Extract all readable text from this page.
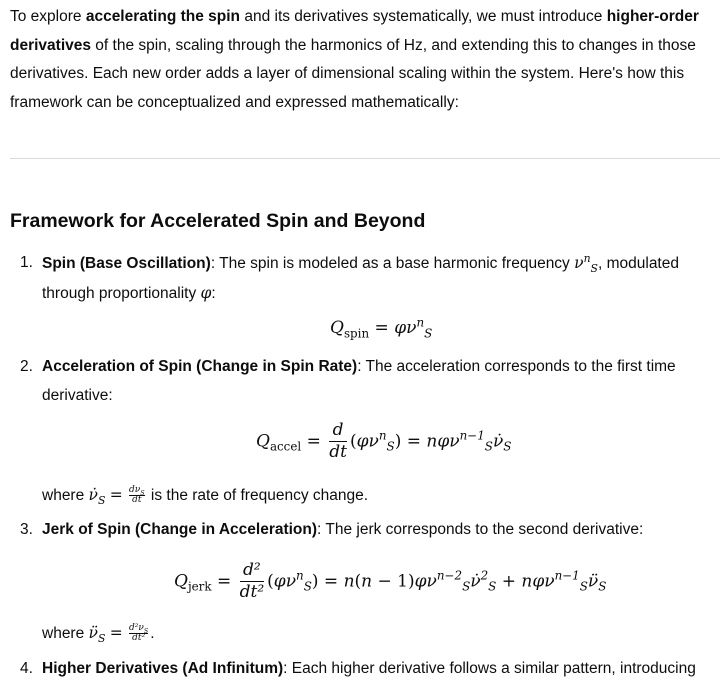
To explore accelerating the spin and its derivatives systematically, we must introduce higher-order derivatives of the spin, scaling through the harmonics of Hz, and extending this to changes in those derivatives. Each new order adds a layer of dimensional scaling within the system. Here's how this framework can be conceptualized and expressed mathematically:

Framework for Accelerated Spin and Beyond
1. Spin (Base Oscillation): The spin is modeled as a base harmonic frequency $\nu^n_S$, modulated through proportionality φ:
$Q_{spin} = \varphi\nu^n_S$
2. Acceleration of Spin (Change in Spin Rate): The acceleration corresponds to the first time derivative:
$Q_{accel} = \frac{d}{dt} (\varphi\nu^n_S)$ = $n\varphi\nu^{n-1}_S\nu̇_S$
where $\nu̇_S = d\nu_S$
dt is the rate of frequency change.
3. Jerk of Spin (Change in Acceleration): The jerk corresponds to the second derivative:
$Q_{jerk} = \frac{\text{d²}}{\text{dt²}} (\varphi\nu^n_S) = n(n$ − $1)\varphi\nu^{n-2}_S\nu̇^2_S$ + $n\varphi\nu^{n-1}_S\nü_S$
where $\nü_S = \frac{d^2\nu_S}{\text{dt²}}$ .
4. Higher Derivatives (Ad Infinitum): Each higher derivative follows a similar pattern, introducing
